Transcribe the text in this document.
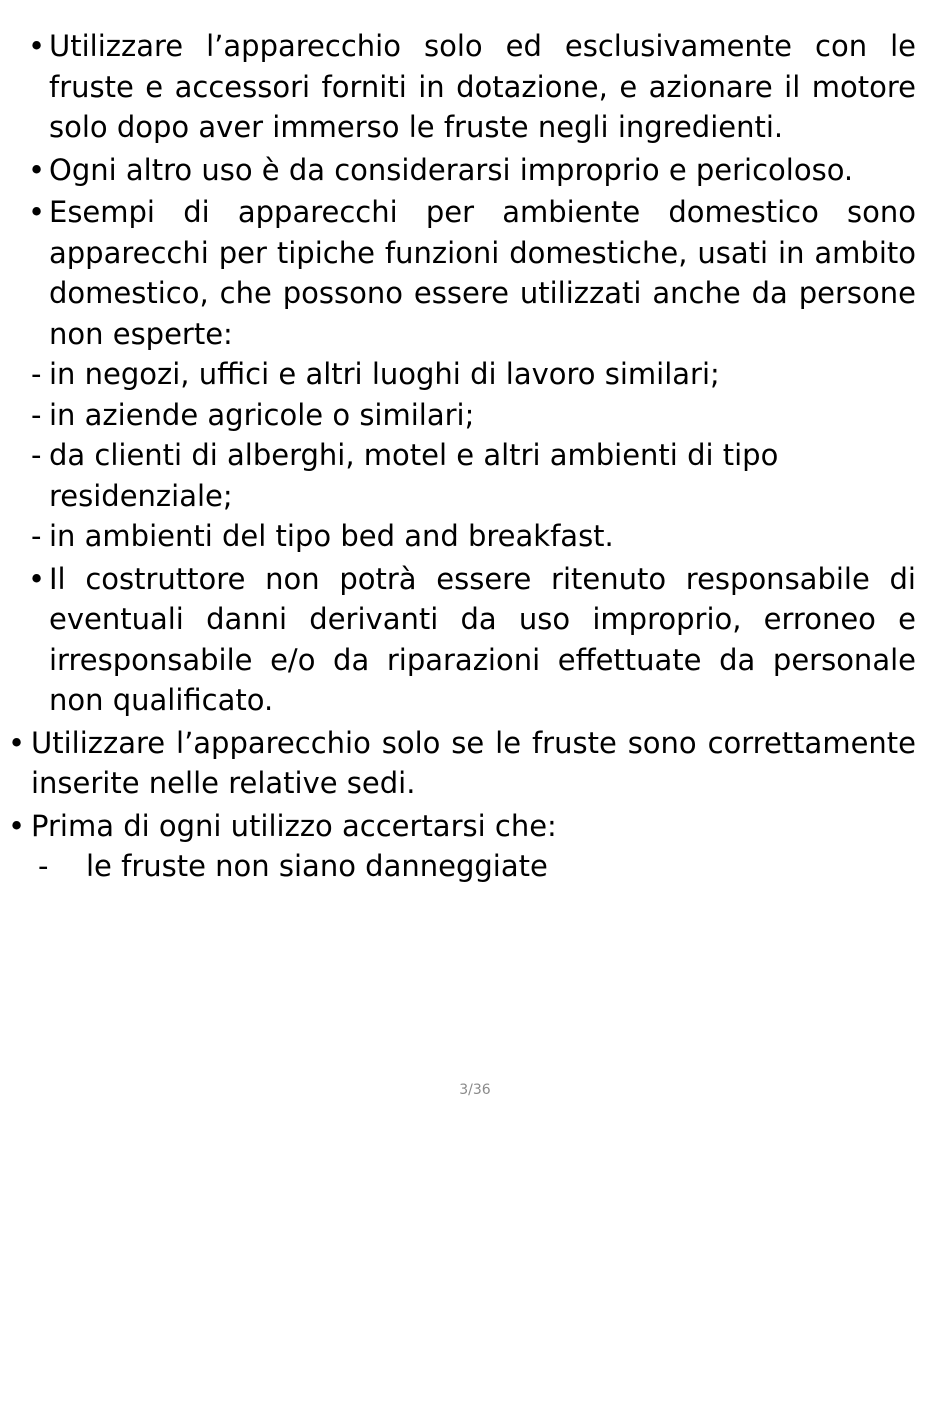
• Utilizzare l’apparecchio solo ed esclusivamente con le fruste e accessori forniti in dotazione, e azionare il motore solo dopo aver immerso le fruste negli ingredienti.
• Ogni altro uso è da considerarsi improprio e pericoloso.
• Esempi di apparecchi per ambiente domestico sono apparecchi per tipiche funzioni domestiche, usati in ambito domestico, che possono essere utilizzati anche da persone non esperte:
- in negozi, uffici e altri luoghi di lavoro similari;
- in aziende agricole o similari;
- da clienti di alberghi, motel e altri ambienti di tipo residenziale;
- in ambienti del tipo bed and breakfast.
• Il costruttore non potrà essere ritenuto responsabile di eventuali danni derivanti da uso improprio, erroneo e irresponsabile e/o da riparazioni effettuate da personale non qualificato.
• Utilizzare l’apparecchio solo se le fruste sono correttamente inserite nelle relative sedi.
• Prima di ogni utilizzo accertarsi che:
- le fruste non siano danneggiate
3/36
